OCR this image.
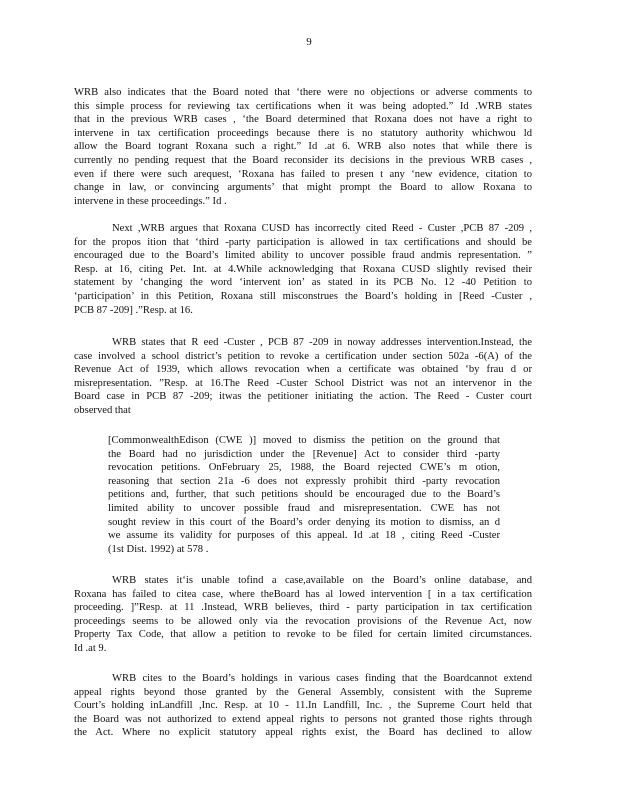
9
WRB also indicates that the Board noted that ‘there were no objections or adverse comments to
this simple process for reviewing tax certifications when it was being adopted.” Id .WRB states
that in the previous WRB cases , ‘the Board determined that Roxana does not have a right to
intervene in tax certification proceedings because there is no statutory authority whichwou ld
allow the Board togrant Roxana such a right.” Id .at 6. WRB also notes that while there is
currently no pending request that the Board reconsider its decisions in the previous WRB cases ,
even if there were such arequest, ‘Roxana has failed to presen t any ‘new evidence, citation to
change in law, or convincing arguments’ that might prompt the Board to allow Roxana to
intervene in these proceedings.” Id .
Next ,WRB argues that Roxana CUSD has incorrectly cited Reed - Custer ,PCB 87 -209 ,
for the propos ition that ‘third -party participation is allowed in tax certifications and should be
encouraged due to the Board’s limited ability to uncover possible fraud andmis representation. ”
Resp. at 16, citing Pet. Int. at 4.While acknowledging that Roxana CUSD slightly revised their
statement by ‘changing the word ‘intervent ion’ as stated in its PCB No. 12 -40 Petition to
‘participation’ in this Petition, Roxana still misconstrues the Board’s holding in [Reed -Custer ,
PCB 87 -209] .”Resp. at 16.
WRB states that R eed -Custer , PCB 87 -209 in noway addresses intervention.Instead, the
case involved a school district’s petition to revoke a certification under section 502a -6(A) of the
Revenue Act of 1939, which allows revocation when a certificate was obtained ‘by frau d or
misrepresentation. ”Resp. at 16.The Reed -Custer School District was not an intervenor in the
Board case in PCB 87 -209; itwas the petitioner initiating the action. The Reed - Custer court
observed that
[CommonwealthEdison (CWE )] moved to dismiss the petition on the ground that
the Board had no jurisdiction under the [Revenue] Act to consider third -party
revocation petitions. OnFebruary 25, 1988, the Board rejected CWE’s m otion,
reasoning that section 21a -6 does not expressly prohibit third -party revocation
petitions and, further, that such petitions should be encouraged due to the Board’s
limited ability to uncover possible fraud and misrepresentation. CWE has not
sought review in this court of the Board’s order denying its motion to dismiss, an d
we assume its validity for purposes of this appeal. Id .at 18 , citing Reed -Custer
(1st Dist. 1992) at 578 .
WRB states it‘is unable tofind a case,available on the Board’s online database, and
Roxana has failed to citea case, where theBoard has al lowed intervention [ in a tax certification
proceeding. ]”Resp. at 11 .Instead, WRB believes, third - party participation in tax certification
proceedings seems to be allowed only via the revocation provisions of the Revenue Act, now
Property Tax Code, that allow a petition to revoke to be filed for certain limited circumstances.
Id .at 9.
WRB cites to the Board’s holdings in various cases finding that the Boardcannot extend
appeal rights beyond those granted by the General Assembly, consistent with the Supreme
Court’s holding inLandfill ,Inc. Resp. at 10 - 11.In Landfill, Inc. , the Supreme Court held that
the Board was not authorized to extend appeal rights to persons not granted those rights through
the Act. Where no explicit statutory appeal rights exist, the Board has declined to allow
